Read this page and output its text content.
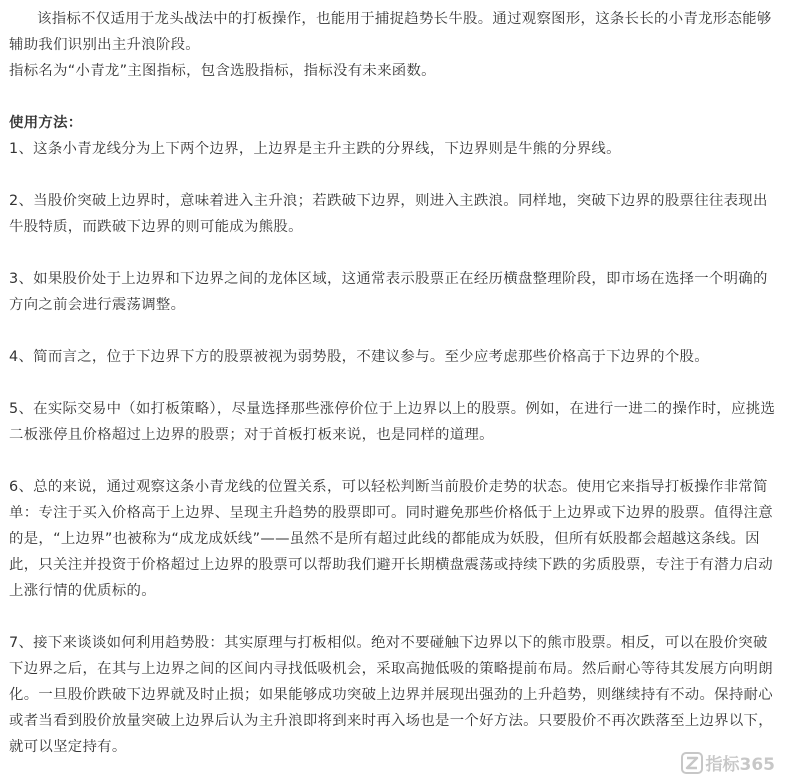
该指标不仅适用于龙头战法中的打板操作，也能用于捕捉趋势长牛股。通过观察图形，这条长长的小青龙形态能够辅助我们识别出主升浪阶段。

指标名为“小青龙”主图指标，包含选股指标，指标没有未来函数。

使用方法：

1、这条小青龙线分为上下两个边界，上边界是主升主跌的分界线，下边界则是牛熊的分界线。

2、当股价突破上边界时，意味着进入主升浪；若跌破下边界，则进入主跌浪。同样地，突破下边界的股票往往表现出牛股特质，而跌破下边界的则可能成为熊股。

3、如果股价处于上边界和下边界之间的龙体区域，这通常表示股票正在经历横盘整理阶段，即市场在选择一个明确的方向之前会进行震荡调整。

4、简而言之，位于下边界下方的股票被视为弱势股，不建议参与。至少应考虑那些价格高于下边界的个股。

5、在实际交易中（如打板策略），尽量选择那些涨停价位于上边界以上的股票。例如，在进行一进二的操作时，应挑选二板涨停且价格超过上边界的股票；对于首板打板来说，也是同样的道理。

6、总的来说，通过观察这条小青龙线的位置关系，可以轻松判断当前股价走势的状态。使用它来指导打板操作非常简单：专注于买入价格高于上边界、呈现主升趋势的股票即可。同时避免那些价格低于上边界或下边界的股票。值得注意的是，“上边界”也被称为“成龙成妖线”——虽然不是所有超过此线的都能成为妖股，但所有妖股都会超越这条线。因此，只关注并投资于价格超过上边界的股票可以帮助我们避开长期横盘震荡或持续下跌的劣质股票，专注于有潜力启动上涨行情的优质标的。

7、接下来谈谈如何利用趋势股：其实原理与打板相似。绝对不要碰触下边界以下的熊市股票。相反，可以在股价突破下边界之后，在其与上边界之间的区间内寻找低吸机会，采取高抛低吸的策略提前布局。然后耐心等待其发展方向明朗化。一旦股价跌破下边界就及时止损；如果能够成功突破上边界并展现出强劲的上升趋势，则继续持有不动。保持耐心或者当看到股价放量突破上边界后认为主升浪即将到来时再入场也是一个好方法。只要股价不再次跌落至上边界以下，就可以坚定持有。

指标365
